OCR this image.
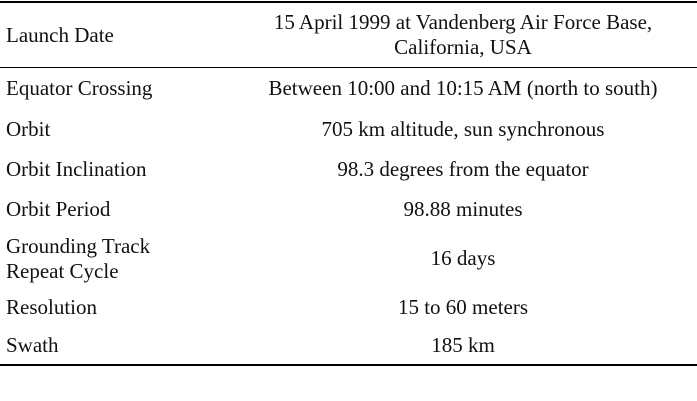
Launch Date	15 April 1999 at Vandenberg Air Force Base,
California, USA

Equator Crossing	Between 10:00 and 10:15 AM (north to south)
Orbit	705 km altitude, sun synchronous
Orbit Inclination	98.3 degrees from the equator
Orbit Period	98.88 minutes

Grounding Track
Repeat Cycle	16 days
Resolution	15 to 60 meters
Swath	185 km
